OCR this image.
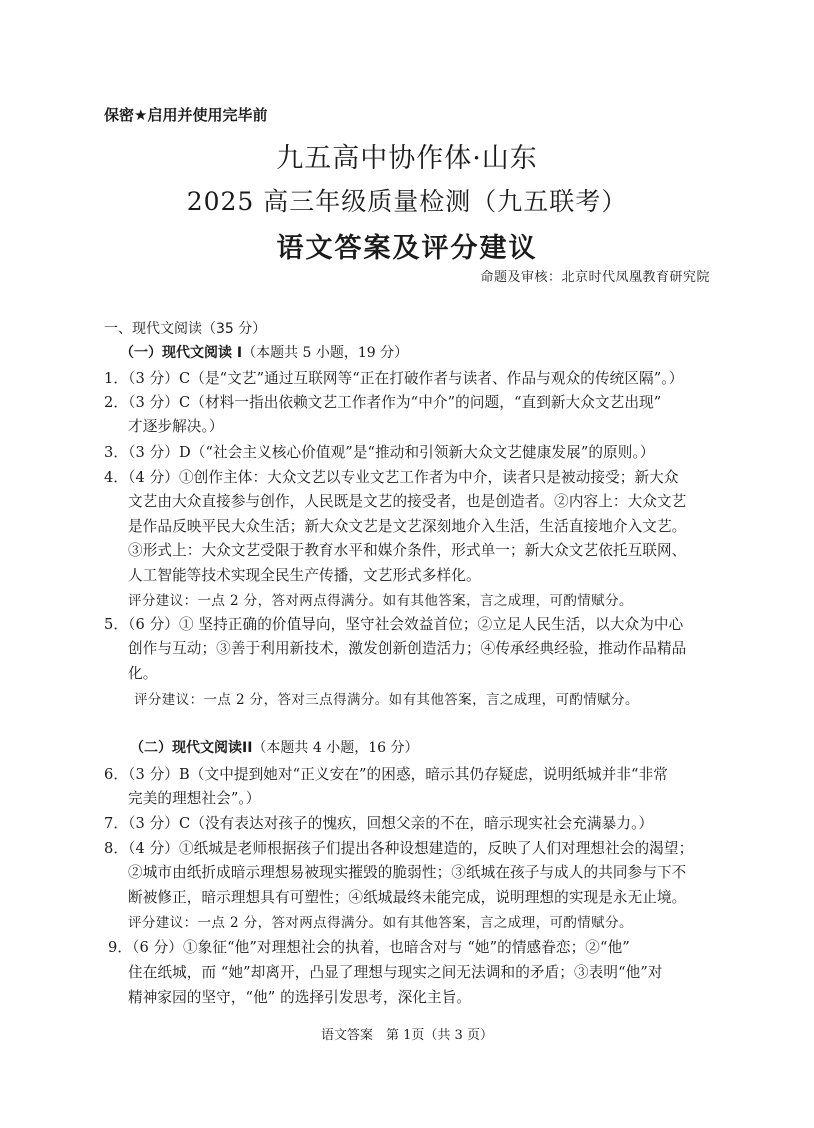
保密★启用并使用完毕前
九五高中协作体·山东
2025 高三年级质量检测（九五联考）
语文答案及评分建议
命题及审核：北京时代凤凰教育研究院
一、现代文阅读（35 分）
（一）现代文阅读 I（本题共 5 小题，19 分）
1．（3 分）C（是“文艺”通过互联网等“正在打破作者与读者、作品与观众的传统区隔”。）
2．（3 分）C（材料一指出依赖文艺工作者作为“中介”的问题，“直到新大众文艺出现”
才逐步解决。）
3．（3 分）D（“社会主义核心价值观”是“推动和引领新大众文艺健康发展”的原则。）
4．（4 分）①创作主体：大众文艺以专业文艺工作者为中介，读者只是被动接受；新大众
文艺由大众直接参与创作，人民既是文艺的接受者，也是创造者。②内容上：大众文艺
是作品反映平民大众生活；新大众文艺是文艺深刻地介入生活，生活直接地介入文艺。
③形式上：大众文艺受限于教育水平和媒介条件，形式单一；新大众文艺依托互联网、
人工智能等技术实现全民生产传播，文艺形式多样化。
评分建议：一点 2 分，答对两点得满分。如有其他答案，言之成理，可酌情赋分。
5．（6 分）① 坚持正确的价值导向，坚守社会效益首位；②立足人民生活，以大众为中心
创作与互动；③善于利用新技术，激发创新创造活力；④传承经典经验，推动作品精品
化。
评分建议：一点 2 分，答对三点得满分。如有其他答案，言之成理，可酌情赋分。
（二）现代文阅读II（本题共 4 小题，16 分）
6．（3 分）B（文中提到她对“正义安在”的困惑，暗示其仍存疑虑，说明纸城并非“非常
完美的理想社会”。）
7．（3 分）C（没有表达对孩子的愧疚，回想父亲的不在，暗示现实社会充满暴力。）
8．（4 分）①纸城是老师根据孩子们提出各种设想建造的，反映了人们对理想社会的渴望；
②城市由纸折成暗示理想易被现实摧毁的脆弱性；③纸城在孩子与成人的共同参与下不
断被修正，暗示理想具有可塑性；④纸城最终未能完成，说明理想的实现是永无止境。
评分建议：一点 2 分，答对两点得满分。如有其他答案，言之成理，可酌情赋分。
9．（6 分）①象征“他”对理想社会的执着，也暗含对与 “她”的情感眷恋；②“他”
住在纸城，而 “她”却离开，凸显了理想与现实之间无法调和的矛盾；③表明“他”对
精神家园的坚守，“他” 的选择引发思考，深化主旨。
语文答案　第 1页（共 3 页）
